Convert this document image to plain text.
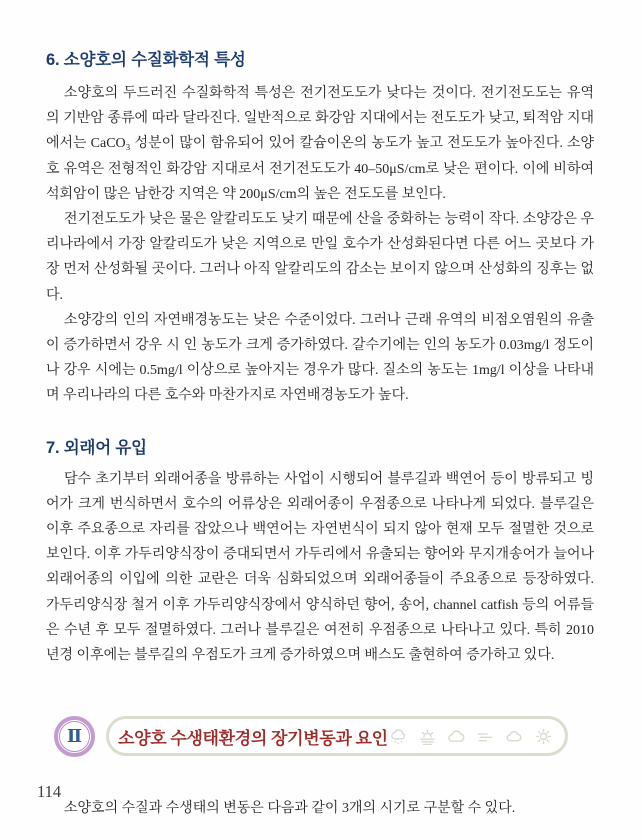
6. 소양호의 수질화학적 특성

소양호의 두드러진 수질화학적 특성은 전기전도도가 낮다는 것이다. 전기전도도는 유역의 기반암 종류에 따라 달라진다. 일반적으로 화강암 지대에서는 전도도가 낮고, 퇴적암 지대에서는 CaCO₃ 성분이 많이 함유되어 있어 칼슘이온의 농도가 높고 전도도가 높아진다. 소양호 유역은 전형적인 화강암 지대로서 전기전도도가 40–50μS/cm로 낮은 편이다. 이에 비하여 석회암이 많은 남한강 지역은 약 200μS/cm의 높은 전도도를 보인다.

전기전도도가 낮은 물은 알칼리도도 낮기 때문에 산을 중화하는 능력이 작다. 소양강은 우리나라에서 가장 알칼리도가 낮은 지역으로 만일 호수가 산성화된다면 다른 어느 곳보다 가장 먼저 산성화될 곳이다. 그러나 아직 알칼리도의 감소는 보이지 않으며 산성화의 징후는 없다.

소양강의 인의 자연배경농도는 낮은 수준이었다. 그러나 근래 유역의 비점오염원의 유출이 증가하면서 강우 시 인 농도가 크게 증가하였다. 갈수기에는 인의 농도가 0.03mg/l 정도이나 강우 시에는 0.5mg/l 이상으로 높아지는 경우가 많다. 질소의 농도는 1mg/l 이상을 나타내며 우리나라의 다른 호수와 마찬가지로 자연배경농도가 높다.

7. 외래어 유입

담수 초기부터 외래어종을 방류하는 사업이 시행되어 블루길과 백연어 등이 방류되고 빙어가 크게 번식하면서 호수의 어류상은 외래어종이 우점종으로 나타나게 되었다. 블루길은 이후 주요종으로 자리를 잡았으나 백연어는 자연번식이 되지 않아 현재 모두 절멸한 것으로 보인다. 이후 가두리양식장이 증대되면서 가두리에서 유출되는 향어와 무지개송어가 늘어나 외래어종의 이입에 의한 교란은 더욱 심화되었으며 외래어종들이 주요종으로 등장하였다. 가두리양식장 철거 이후 가두리양식장에서 양식하던 향어, 송어, channel catfish 등의 어류들은 수년 후 모두 절멸하였다. 그러나 블루길은 여전히 우점종으로 나타나고 있다. 특히 2010년경 이후에는 블루길의 우점도가 크게 증가하였으며 배스도 출현하여 증가하고 있다.

Ⅱ 소양호 수생태환경의 장기변동과 요인

소양호의 수질과 수생태의 변동은 다음과 같이 3개의 시기로 구분할 수 있다.

114
